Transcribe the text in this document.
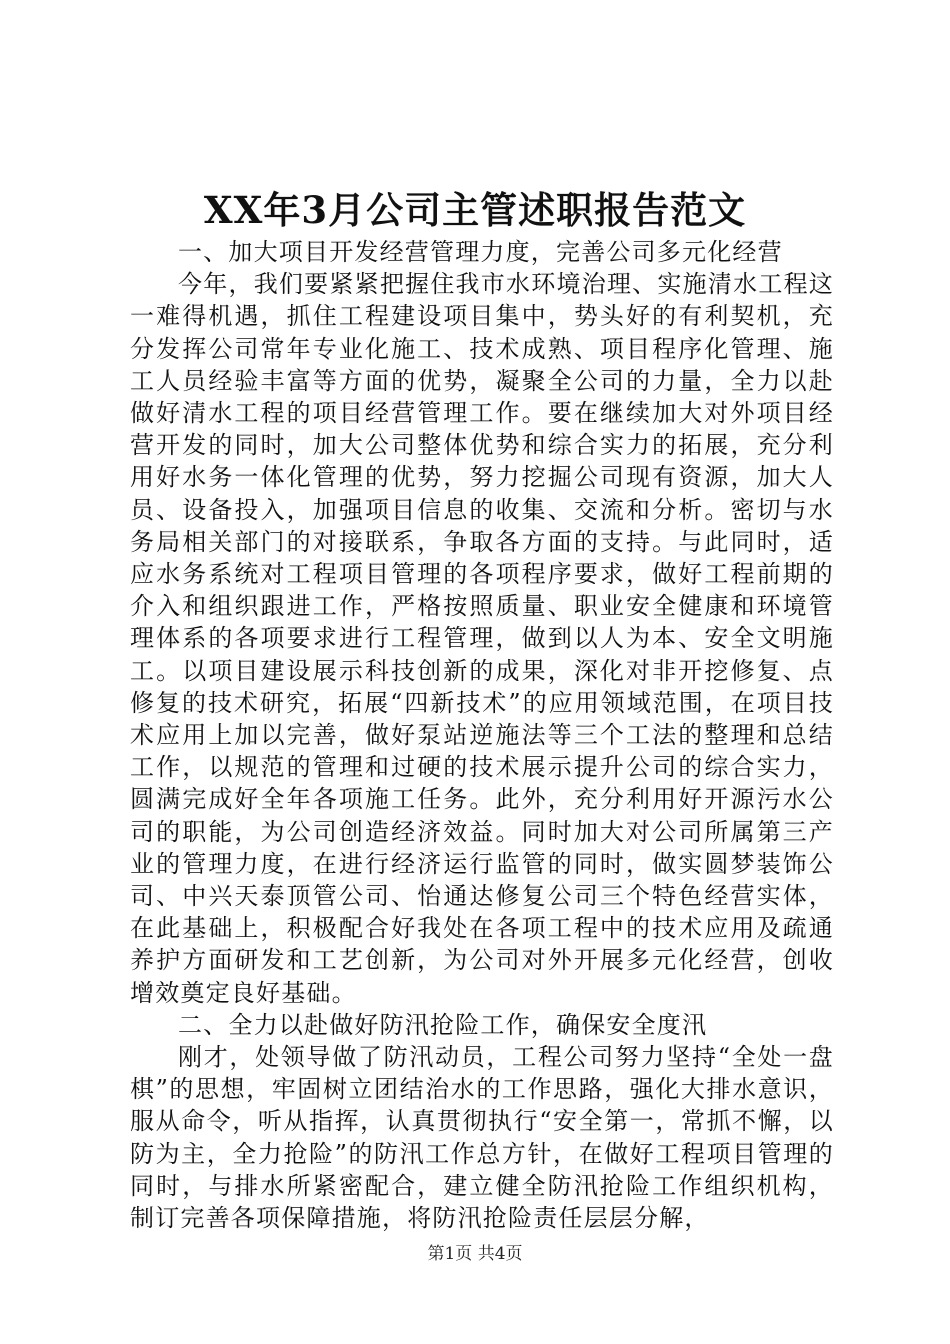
XX年3月公司主管述职报告范文

一、加大项目开发经营管理力度，完善公司多元化经营

今年，我们要紧紧把握住我市水环境治理、实施清水工程这一难得机遇，抓住工程建设项目集中，势头好的有利契机，充分发挥公司常年专业化施工、技术成熟、项目程序化管理、施工人员经验丰富等方面的优势，凝聚全公司的力量，全力以赴做好清水工程的项目经营管理工作。要在继续加大对外项目经营开发的同时，加大公司整体优势和综合实力的拓展，充分利用好水务一体化管理的优势，努力挖掘公司现有资源，加大人员、设备投入，加强项目信息的收集、交流和分析。密切与水务局相关部门的对接联系，争取各方面的支持。与此同时，适应水务系统对工程项目管理的各项程序要求，做好工程前期的介入和组织跟进工作，严格按照质量、职业安全健康和环境管理体系的各项要求进行工程管理，做到以人为本、安全文明施工。以项目建设展示科技创新的成果，深化对非开挖修复、点修复的技术研究，拓展“四新技术”的应用领域范围，在项目技术应用上加以完善，做好泵站逆施法等三个工法的整理和总结工作，以规范的管理和过硬的技术展示提升公司的综合实力，圆满完成好全年各项施工任务。此外，充分利用好开源污水公司的职能，为公司创造经济效益。同时加大对公司所属第三产业的管理力度，在进行经济运行监管的同时，做实圆梦装饰公司、中兴天泰顶管公司、怡通达修复公司三个特色经营实体，在此基础上，积极配合好我处在各项工程中的技术应用及疏通养护方面研发和工艺创新，为公司对外开展多元化经营，创收增效奠定良好基础。

二、全力以赴做好防汛抢险工作，确保安全度汛

刚才，处领导做了防汛动员，工程公司努力坚持“全处一盘棋”的思想，牢固树立团结治水的工作思路，强化大排水意识，服从命令，听从指挥，认真贯彻执行“安全第一，常抓不懈，以防为主，全力抢险”的防汛工作总方针，在做好工程项目管理的同时，与排水所紧密配合，建立健全防汛抢险工作组织机构，制订完善各项保障措施，将防汛抢险责任层层分解，

第1页 共4页
